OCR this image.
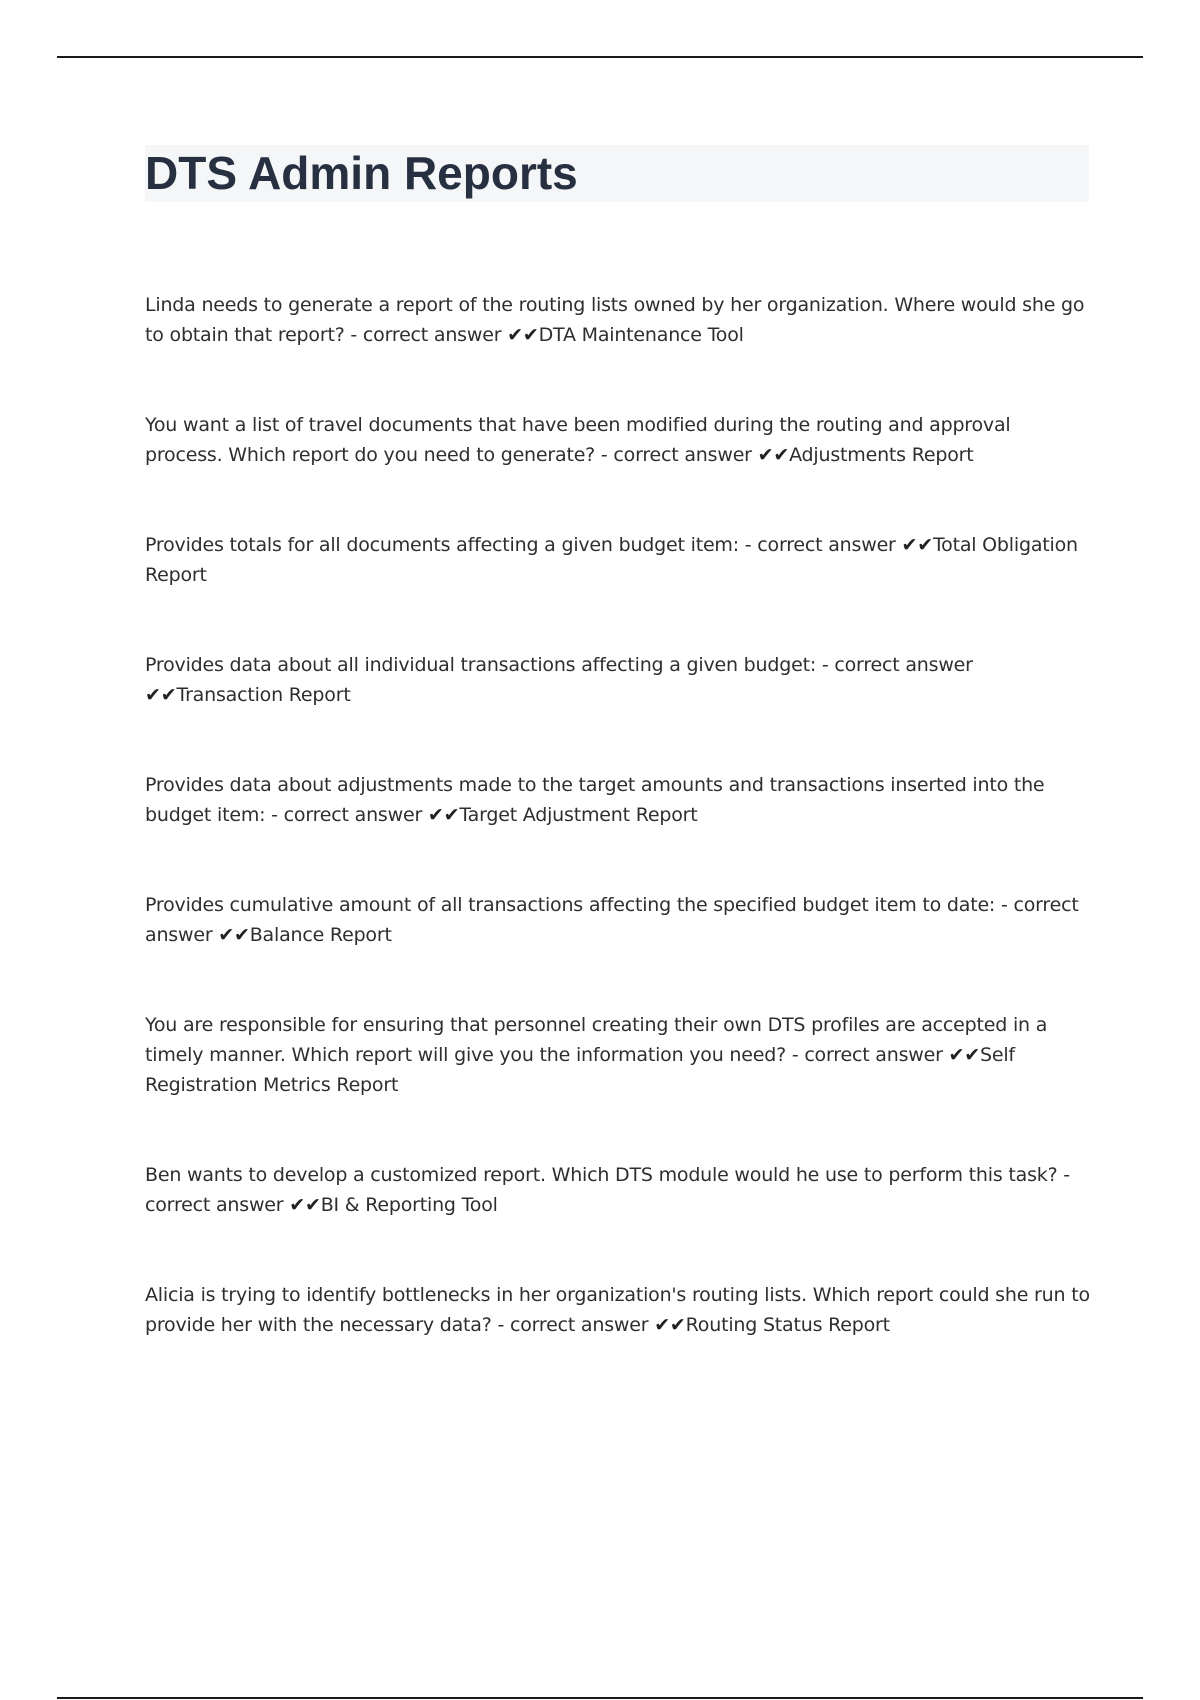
DTS Admin Reports
Linda needs to generate a report of the routing lists owned by her organization. Where would she go to obtain that report? - correct answer ✔✔DTA Maintenance Tool
You want a list of travel documents that have been modified during the routing and approval process. Which report do you need to generate? - correct answer ✔✔Adjustments Report
Provides totals for all documents affecting a given budget item: - correct answer ✔✔Total Obligation Report
Provides data about all individual transactions affecting a given budget: - correct answer ✔✔Transaction Report
Provides data about adjustments made to the target amounts and transactions inserted into the budget item: - correct answer ✔✔Target Adjustment Report
Provides cumulative amount of all transactions affecting the specified budget item to date: - correct answer ✔✔Balance Report
You are responsible for ensuring that personnel creating their own DTS profiles are accepted in a timely manner. Which report will give you the information you need? - correct answer ✔✔Self Registration Metrics Report
Ben wants to develop a customized report. Which DTS module would he use to perform this task? - correct answer ✔✔BI & Reporting Tool
Alicia is trying to identify bottlenecks in her organization's routing lists. Which report could she run to provide her with the necessary data? - correct answer ✔✔Routing Status Report
